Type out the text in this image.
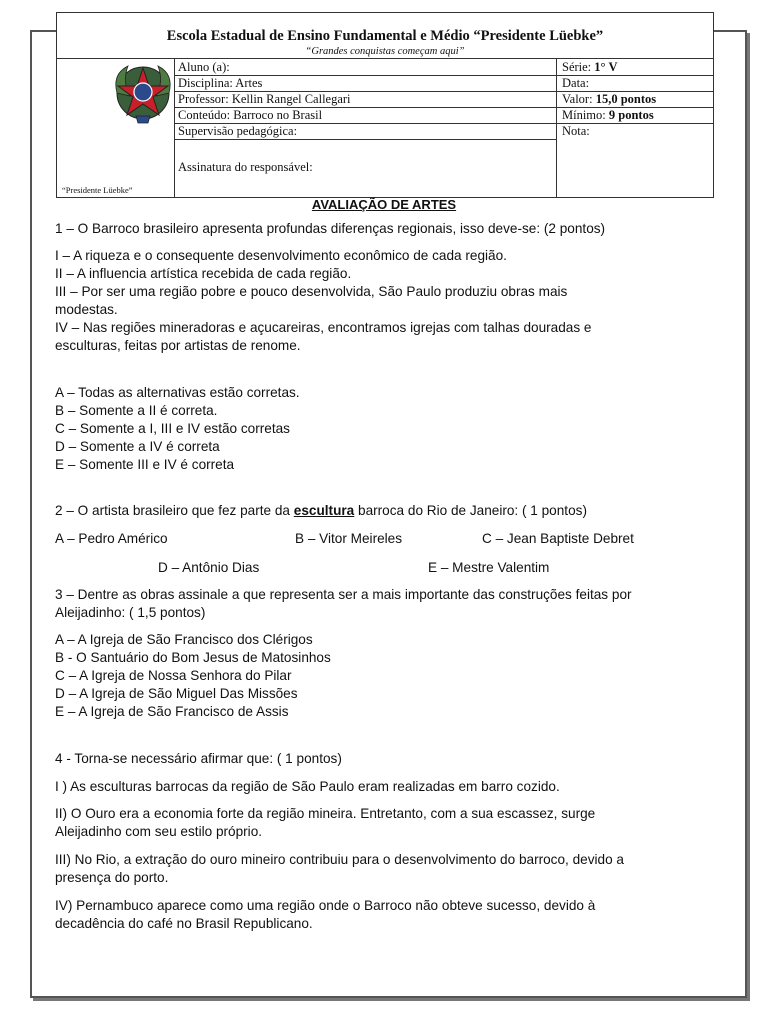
Escola Estadual de Ensino Fundamental e Médio “Presidente Lüebke”
“Grandes conquistas começam aqui”
Aluno (a):
Disciplina: Artes
Professor: Kellin Rangel Callegari
Conteúdo: Barroco no Brasil
Supervisão pedagógica:
Assinatura do responsável:
Série: 1° V
Data:
Valor: 15,0 pontos
Mínimo: 9 pontos
Nota:
“Presidente Lüebke”
AVALIAÇÃO DE ARTES
1 – O Barroco brasileiro apresenta profundas diferenças regionais, isso deve-se: (2 pontos)
I – A riqueza e o consequente desenvolvimento econômico de cada região.
II – A influencia artística recebida de cada região.
III – Por ser uma região pobre e pouco desenvolvida, São Paulo produziu obras mais
modestas.
IV – Nas regiões mineradoras e açucareiras, encontramos igrejas com talhas douradas e
esculturas, feitas por artistas de renome.
A – Todas as alternativas estão corretas.
B – Somente a II é correta.
C – Somente a I, III e IV estão corretas
D – Somente a IV é correta
E – Somente III e IV é correta
2 – O artista brasileiro que fez parte da escultura barroca do Rio de Janeiro: ( 1 pontos)
A – Pedro Américo	B – Vitor Meireles	C – Jean Baptiste Debret
D – Antônio Dias	E – Mestre Valentim
3 – Dentre as obras assinale a que representa ser a mais importante das construções feitas por
Aleijadinho: ( 1,5 pontos)
A – A Igreja de São Francisco dos Clérigos
B - O Santuário do Bom Jesus de Matosinhos
C – A Igreja de Nossa Senhora do Pilar
D – A Igreja de São Miguel Das Missões
E – A Igreja de São Francisco de Assis
4 - Torna-se necessário afirmar que: ( 1 pontos)
I ) As esculturas barrocas da região de São Paulo eram realizadas em barro cozido.
II) O Ouro era a economia forte da região mineira. Entretanto, com a sua escassez, surge
Aleijadinho com seu estilo próprio.
III) No Rio, a extração do ouro mineiro contribuiu para o desenvolvimento do barroco, devido a
presença do porto.
IV) Pernambuco aparece como uma região onde o Barroco não obteve sucesso, devido à
decadência do café no Brasil Republicano.
